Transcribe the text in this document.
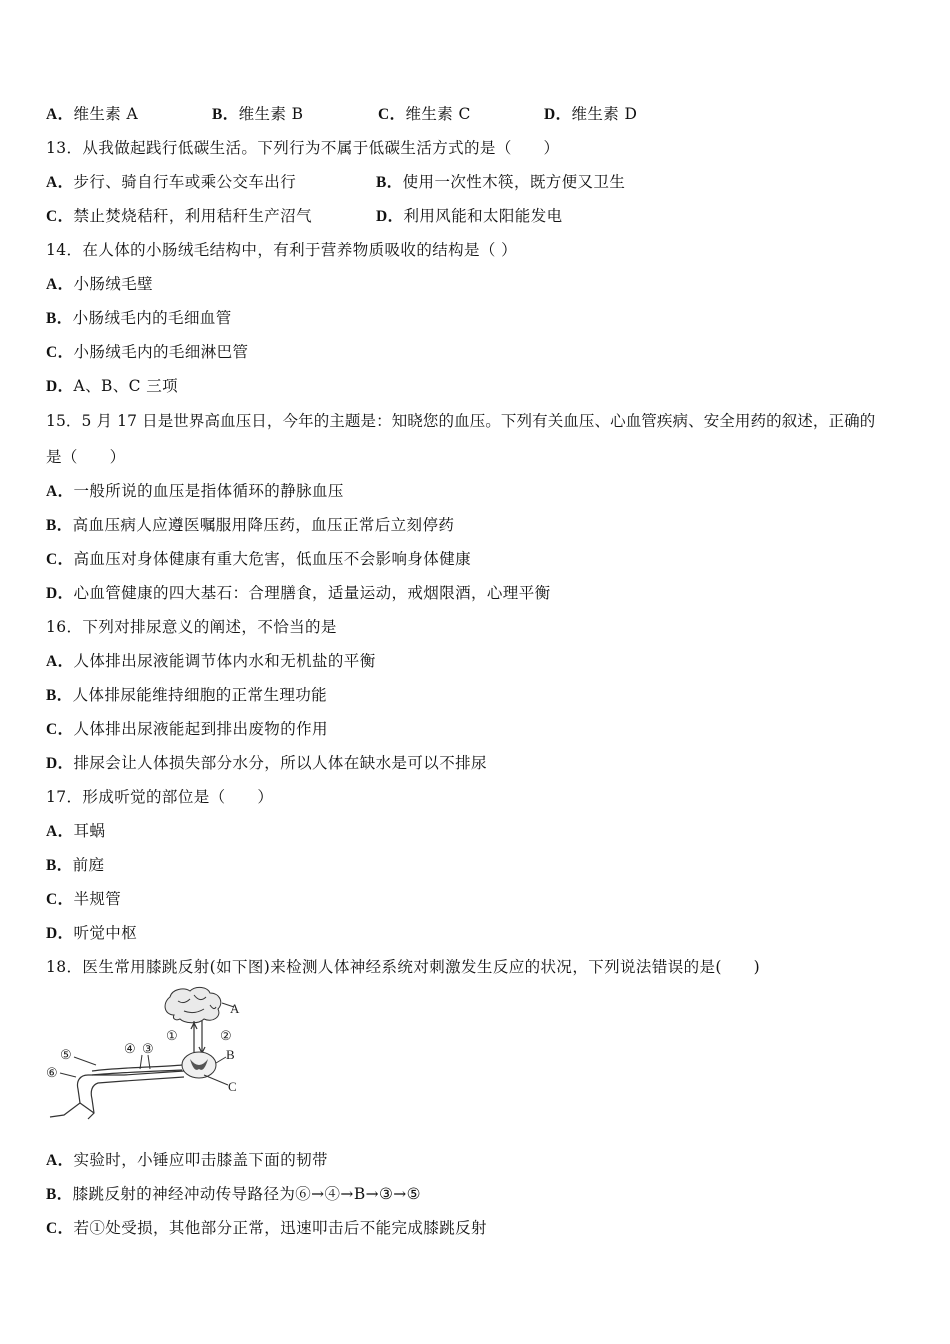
A．维生素 A	B．维生素 B	C．维生素 C	D．维生素 D
13．从我做起践行低碳生活。下列行为不属于低碳生活方式的是（　　）
A．步行、骑自行车或乘公交车出行	B．使用一次性木筷，既方便又卫生
C．禁止焚烧秸秆，利用秸秆生产沼气	D．利用风能和太阳能发电
14．在人体的小肠绒毛结构中，有利于营养物质吸收的结构是（ ）
A．小肠绒毛壁
B．小肠绒毛内的毛细血管
C．小肠绒毛内的毛细淋巴管
D．A、B、C 三项
15．5 月 17 日是世界高血压日，今年的主题是：知晓您的血压。下列有关血压、心血管疾病、安全用药的叙述，正确的
是（　　）
A．一般所说的血压是指体循环的静脉血压
B．高血压病人应遵医嘱服用降压药，血压正常后立刻停药
C．高血压对身体健康有重大危害，低血压不会影响身体健康
D．心血管健康的四大基石：合理膳食，适量运动，戒烟限酒，心理平衡
16．下列对排尿意义的阐述，不恰当的是
A．人体排出尿液能调节体内水和无机盐的平衡
B．人体排尿能维持细胞的正常生理功能
C．人体排出尿液能起到排出废物的作用
D．排尿会让人体损失部分水分，所以人体在缺水是可以不排尿
17．形成听觉的部位是（　　）
A．耳蜗
B．前庭
C．半规管
D．听觉中枢
18．医生常用膝跳反射(如下图)来检测人体神经系统对刺激发生反应的状况，下列说法错误的是(　　)
A
①	②
B
C
④ ③
⑤
⑥
A．实验时，小锤应叩击膝盖下面的韧带
B．膝跳反射的神经冲动传导路径为⑥→④→B→③→⑤
C．若①处受损，其他部分正常，迅速叩击后不能完成膝跳反射
